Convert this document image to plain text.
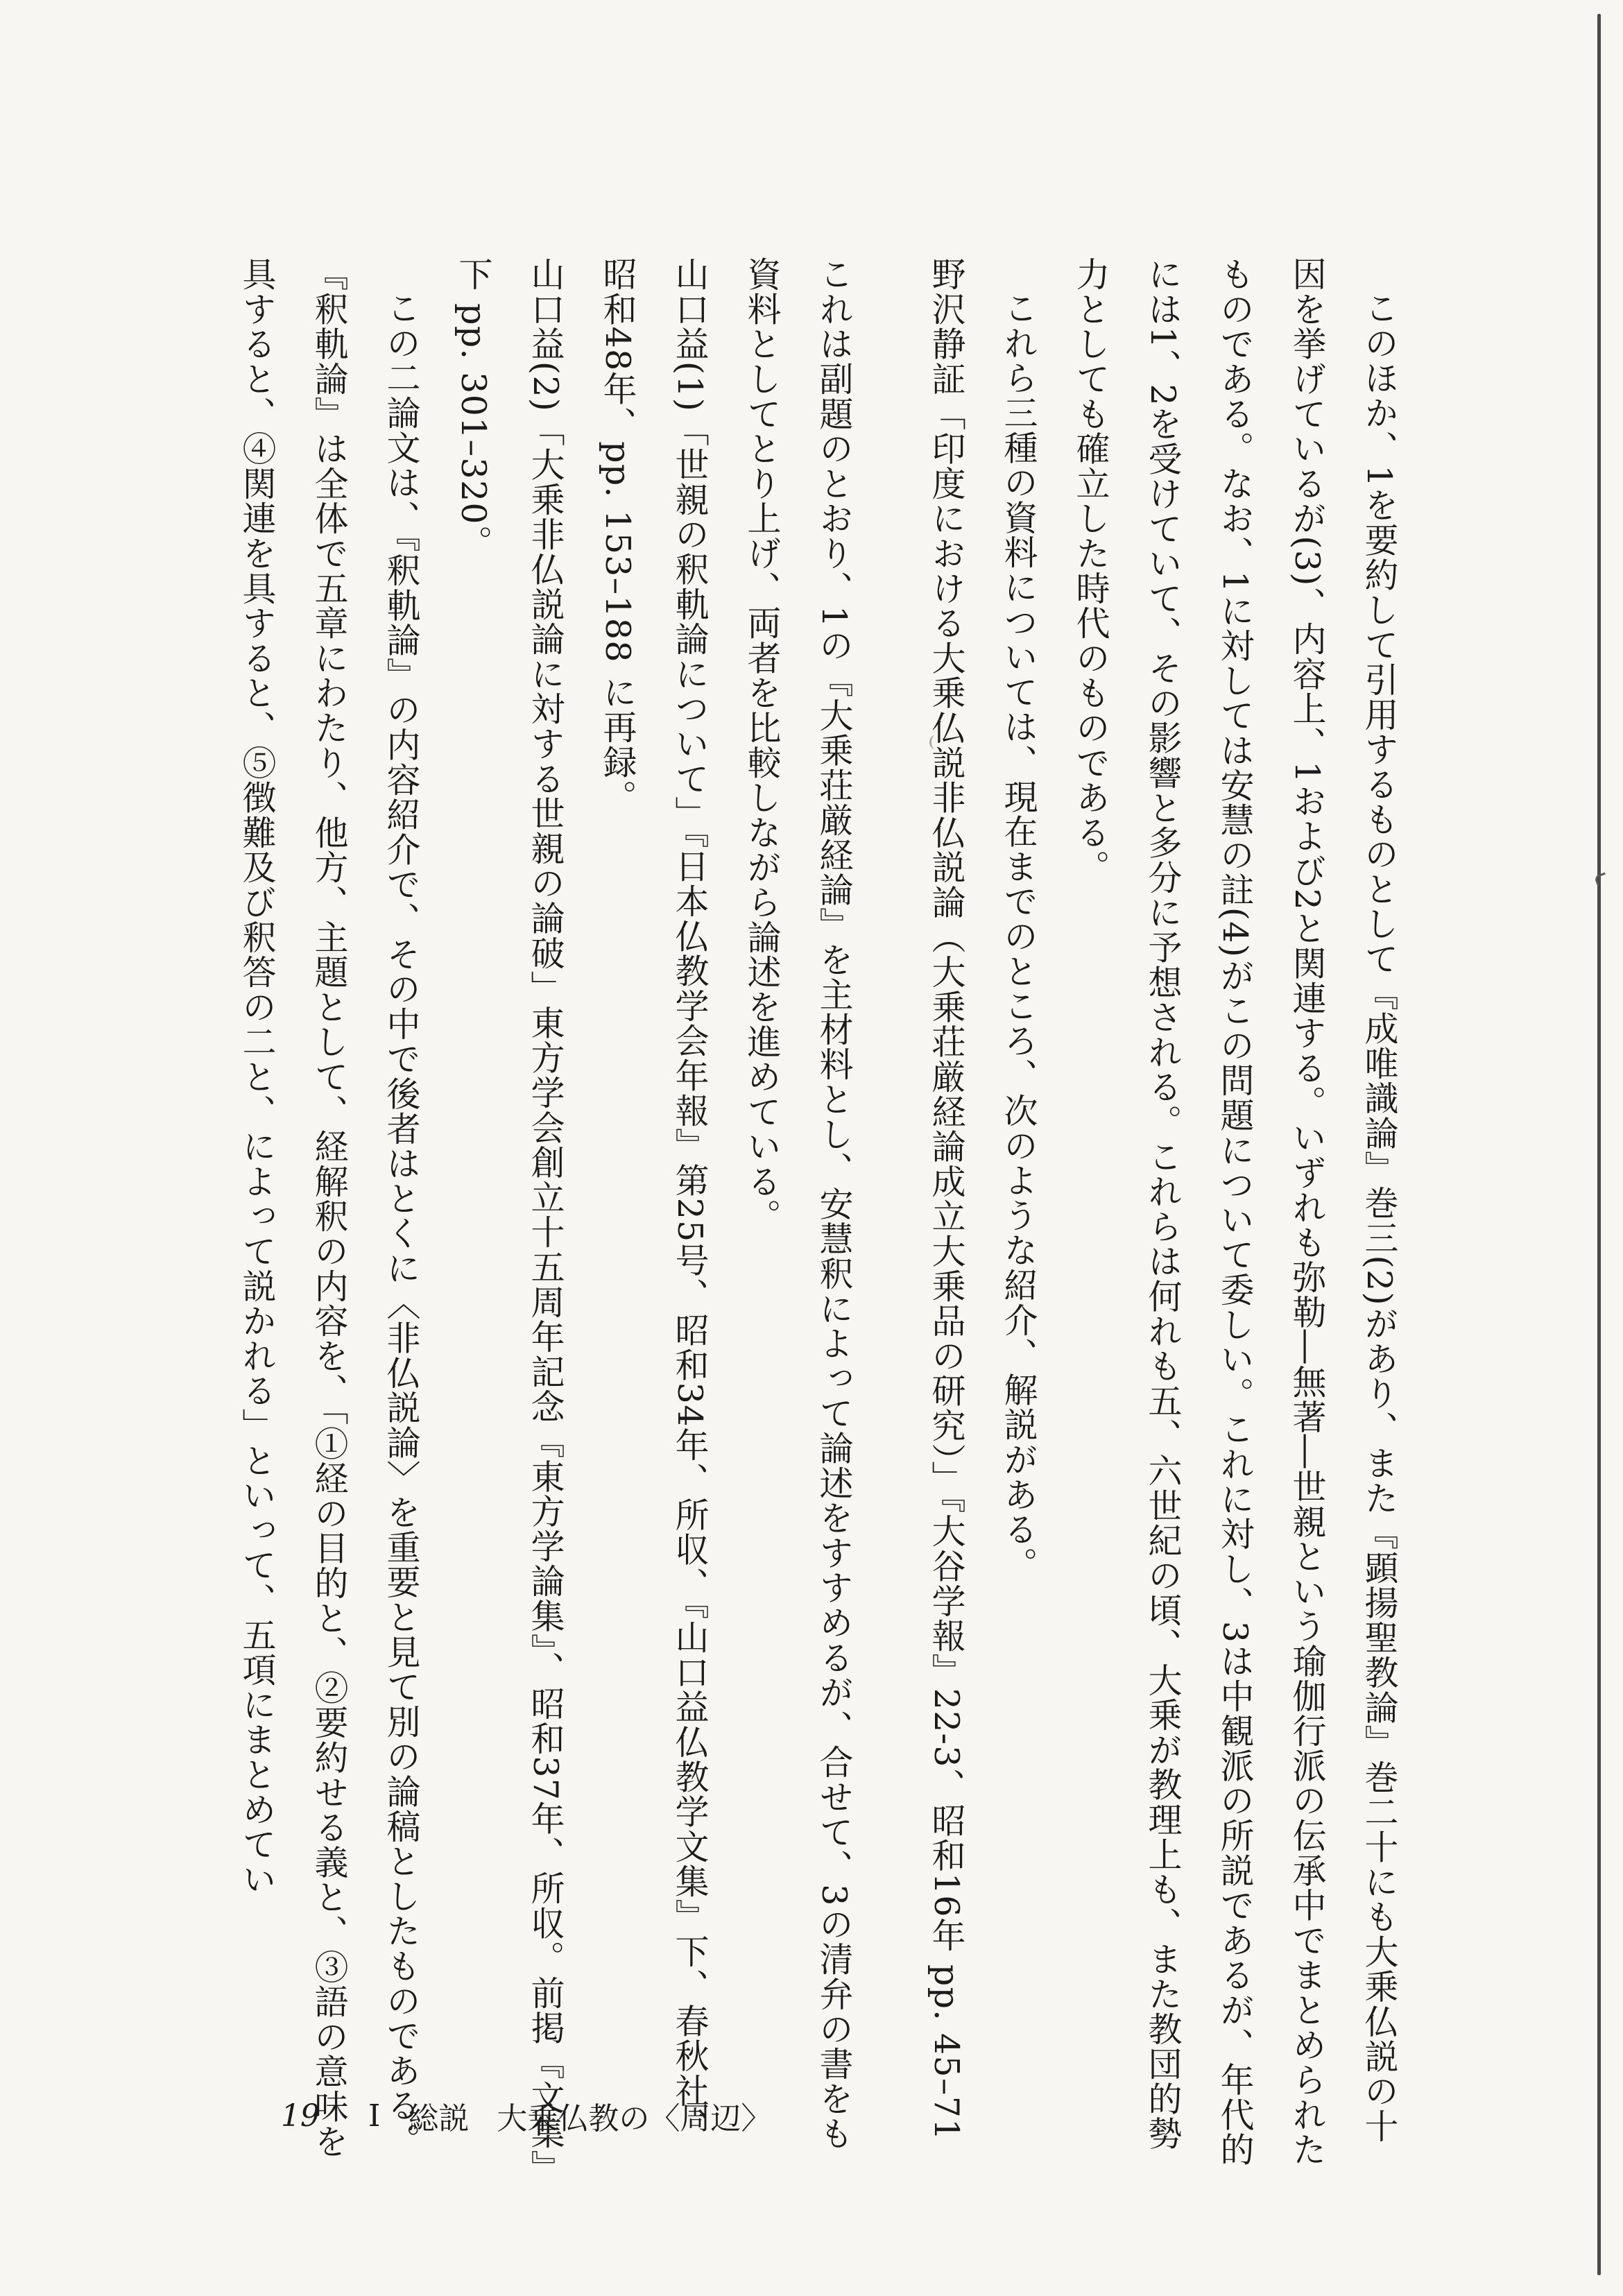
このほか、1を要約して引用するものとして『成唯識論』巻三(2)があり、また『顕揚聖教論』巻二十にも大乗仏説の十因を挙げているが(3)、内容上、1および2と関連する。いずれも弥勒―無著―世親という瑜伽行派の伝承中でまとめられたものである。なお、1に対しては安慧の註(4)がこの問題について委しい。これに対し、3は中観派の所説であるが、年代的には1、2を受けていて、その影響と多分に予想される。これらは何れも五、六世紀の頃、大乗が教理上も、また教団的勢力としても確立した時代のものである。

これら三種の資料については、現在までのところ、次のような紹介、解説がある。

野沢静証「印度における大乗仏説非仏説論（大乗荘厳経論成立大乗品の研究）」『大谷学報』22‑3、昭和16年 pp. 45–71

これは副題のとおり、1の『大乗荘厳経論』を主材料とし、安慧釈によって論述をすすめるが、合せて、3の清弁の書をも資料としてとり上げ、両者を比較しながら論述を進めている。

山口益(1)「世親の釈軌論について」『日本仏教学会年報』第25号、昭和34年、所収、『山口益仏教学文集』下、春秋社、昭和48年、pp. 153–188 に再録。

山口益(2)「大乗非仏説論に対する世親の論破」東方学会創立十五周年記念『東方学論集』、昭和37年、所収。前掲『文集』下 pp. 301–320。

この二論文は、『釈軌論』の内容紹介で、その中で後者はとくに〈非仏説論〉を重要と見て別の論稿としたものである。『釈軌論』は全体で五章にわたり、他方、主題として、経解釈の内容を、「①経の目的と、②要約せる義と、③語の意味を具すると、④関連を具すると、⑤徴難及び釈答の二と、によって説かれる」といって、五項にまとめてい

19 I 総説 大乗仏教の〈周辺〉
